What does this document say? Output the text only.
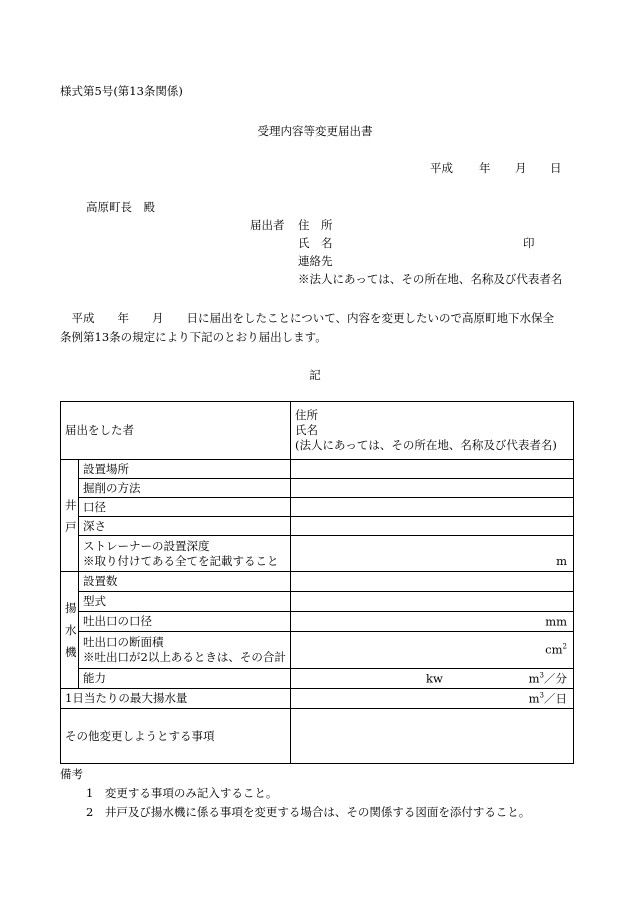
様式第5号(第13条関係)
受理内容等変更届出書
平成 年 月 日
高原町長　殿
届出者 住　所
氏　名	印
連絡先
※法人にあっては、その所在地、名称及び代表者名
　平成　　年　　月　　日に届出をしたことについて、内容を変更したいので高原町地下水保全
条例第13条の規定により下記のとおり届出します。
記
届出をした者		住所
氏名
(法人にあっては、その所在地、名称及び代表者名)

井
戸	設置場所	
	掘削の方法	
	口径	
	深さ	

	ストレーナーの設置深度
※取り付けてある全てを記載すること	m

揚
水
機	設置数	
	型式	
	吐出口の口径	mm

	吐出口の断面積
※吐出口が2以上あるときは、その合計	$cm^2$

	能力	kw $m^3/$分

1日当たりの最大揚水量		$m^3/$日

その他変更しようとする事項		
備考
1　変更する事項のみ記入すること。
2　井戸及び揚水機に係る事項を変更する場合は、その関係する図面を添付すること。
